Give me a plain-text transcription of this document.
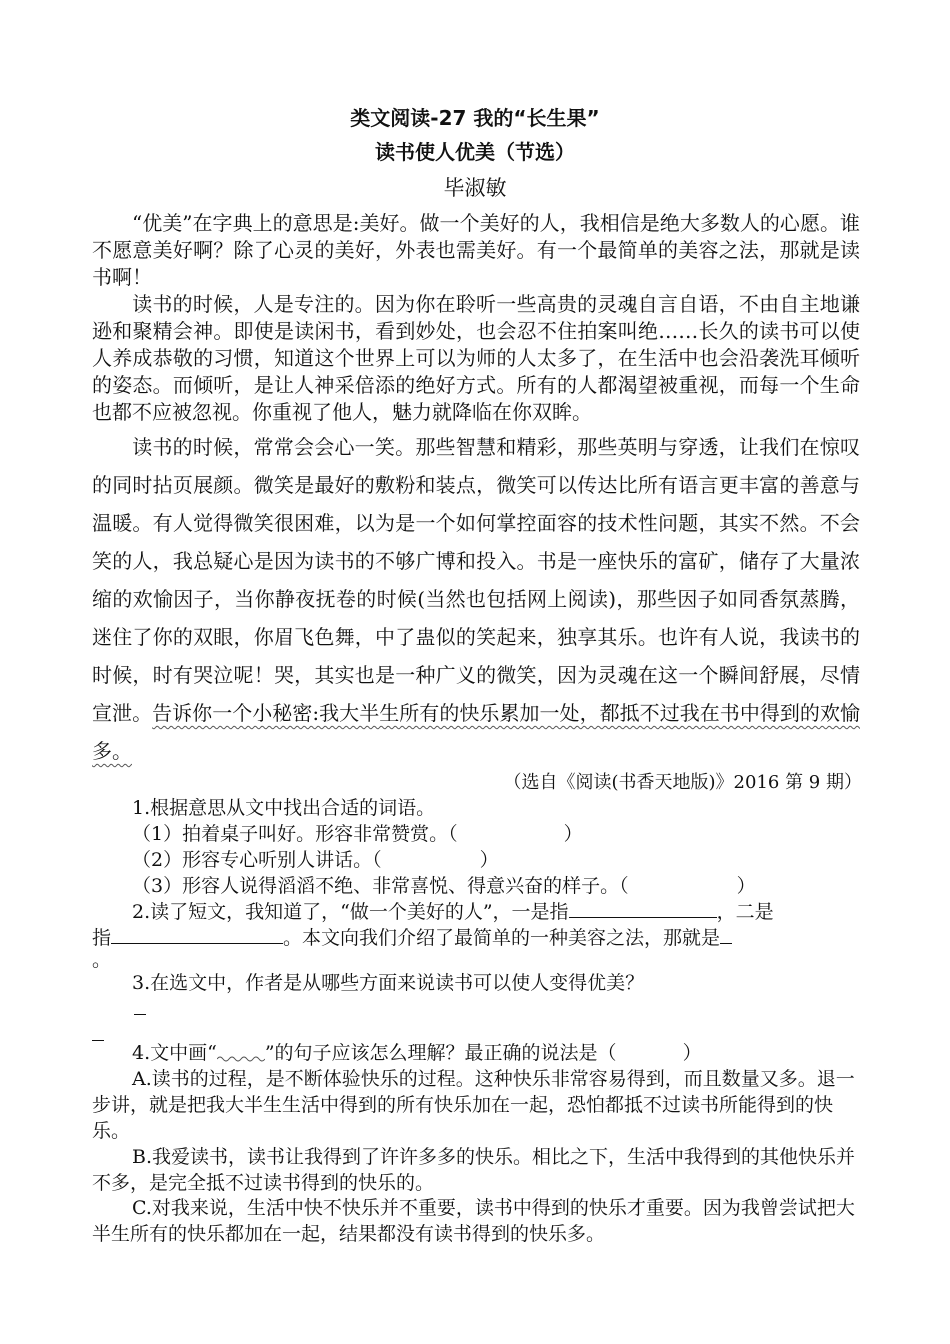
类文阅读-27 我的“长生果”
读书使人优美（节选）
毕淑敏

“优美”在字典上的意思是:美好。做一个美好的人，我相信是绝大多数人的心愿。谁不愿意美好啊？除了心灵的美好，外表也需美好。有一个最简单的美容之法，那就是读书啊！

读书的时候，人是专注的。因为你在聆听一些高贵的灵魂自言自语，不由自主地谦逊和聚精会神。即使是读闲书，看到妙处，也会忍不住拍案叫绝……长久的读书可以使人养成恭敬的习惯，知道这个世界上可以为师的人太多了，在生活中也会沿袭洗耳倾听的姿态。而倾听，是让人神采倍添的绝好方式。所有的人都渴望被重视，而每一个生命也都不应被忽视。你重视了他人，魅力就降临在你双眸。

读书的时候，常常会会心一笑。那些智慧和精彩，那些英明与穿透，让我们在惊叹的同时拈页展颜。微笑是最好的敷粉和装点，微笑可以传达比所有语言更丰富的善意与温暖。有人觉得微笑很困难，以为是一个如何掌控面容的技术性问题，其实不然。不会笑的人，我总疑心是因为读书的不够广博和投入。书是一座快乐的富矿，储存了大量浓缩的欢愉因子，当你静夜抚卷的时候(当然也包括网上阅读)，那些因子如同香氛蒸腾，迷住了你的双眼，你眉飞色舞，中了蛊似的笑起来，独享其乐。也许有人说，我读书的时候，时有哭泣呢！哭，其实也是一种广义的微笑，因为灵魂在这一个瞬间舒展，尽情宣泄。告诉你一个小秘密:我大半生所有的快乐累加一处，都抵不过我在书中得到的欢愉多。

（选自《阅读(书香天地版)》2016 第 9 期）

1.根据意思从文中找出合适的词语。

（1）拍着桌子叫好。形容非常赞赏。（	）

（2）形容专心听别人讲话。（	）

（3）形容人说得滔滔不绝、非常喜悦、得意兴奋的样子。（	）

2.读了短文，我知道了，“做一个美好的人”，一是指	，二是

指	。本文向我们介绍了最简单的一种美容之法，那就是

。

3.在选文中，作者是从哪些方面来说读书可以使人变得优美？

4.文中画“	”的句子应该怎么理解？最正确的说法是（	）

A.读书的过程，是不断体验快乐的过程。这种快乐非常容易得到，而且数量又多。退一步讲，就是把我大半生生活中得到的所有快乐加在一起，恐怕都抵不过读书所能得到的快乐。

B.我爱读书，读书让我得到了许许多多的快乐。相比之下，生活中我得到的其他快乐并不多，是完全抵不过读书得到的快乐的。

C.对我来说，生活中快不快乐并不重要，读书中得到的快乐才重要。因为我曾尝试把大半生所有的快乐都加在一起，结果都没有读书得到的快乐多。
